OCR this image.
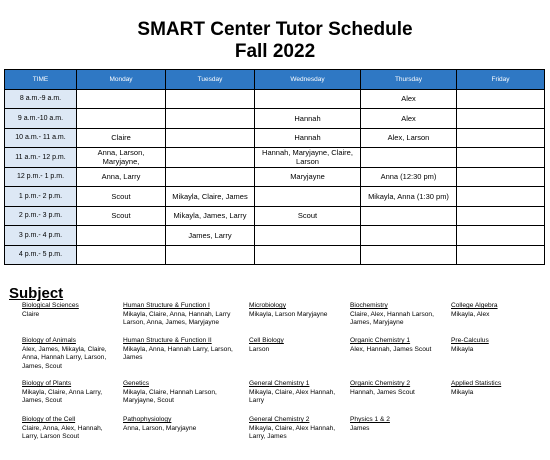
SMART Center Tutor Schedule
Fall 2022
TIME	Monday	Tuesday	Wednesday	Thursday	Friday
8 a.m.-9 a.m.				Alex	
9 a.m.-10 a.m.			Hannah	Alex	
10 a.m.- 11 a.m.	Claire		Hannah	Alex, Larson	
11 a.m.- 12 p.m.	Anna, Larson, Maryjayne,		Hannah, Maryjayne, Claire, Larson		
12 p.m.- 1 p.m.	Anna, Larry		Maryjayne	Anna (12:30 pm)	
1 p.m.- 2 p.m.	Scout	Mikayla, Claire, James		Mikayla, Anna (1:30 pm)	
2 p.m.- 3 p.m.	Scout	Mikayla, James, Larry	Scout		
3 p.m.- 4 p.m.		James, Larry			
4 p.m.- 5 p.m.					
Subject
Biological Sciences
Claire
Human Structure & Function I
Mikayla, Claire, Anna, Hannah, Larry Larson, Anna, James, Maryjayne
Microbiology
Mikayla, Larson Maryjayne
Biochemistry
Claire, Alex, Hannah Larson, James, Maryjayne
College Algebra
Mikayla, Alex
Biology of Animals
Alex, James, Mikayla, Claire, Anna, Hannah Larry, Larson, James, Scout
Human Structure & Function II
Mikayla, Anna, Hannah Larry, Larson, James
Cell Biology
Larson
Organic Chemistry 1
Alex, Hannah, James Scout
Pre-Calculus
Mikayla
Biology of Plants
Mikayla, Claire, Anna Larry, James, Scout
Genetics
Mikayla, Claire, Hannah Larson, Maryjayne, Scout
General Chemistry 1
Mikayla, Claire, Alex Hannah, Larry
Organic Chemistry 2
Hannah, James Scout
Applied Statistics
Mikayla
Biology of the Cell
Claire, Anna, Alex, Hannah, Larry, Larson Scout
Pathophysiology
Anna, Larson, Maryjayne
General Chemistry 2
Mikayla, Claire, Alex Hannah, Larry, James
Physics 1 & 2
James
